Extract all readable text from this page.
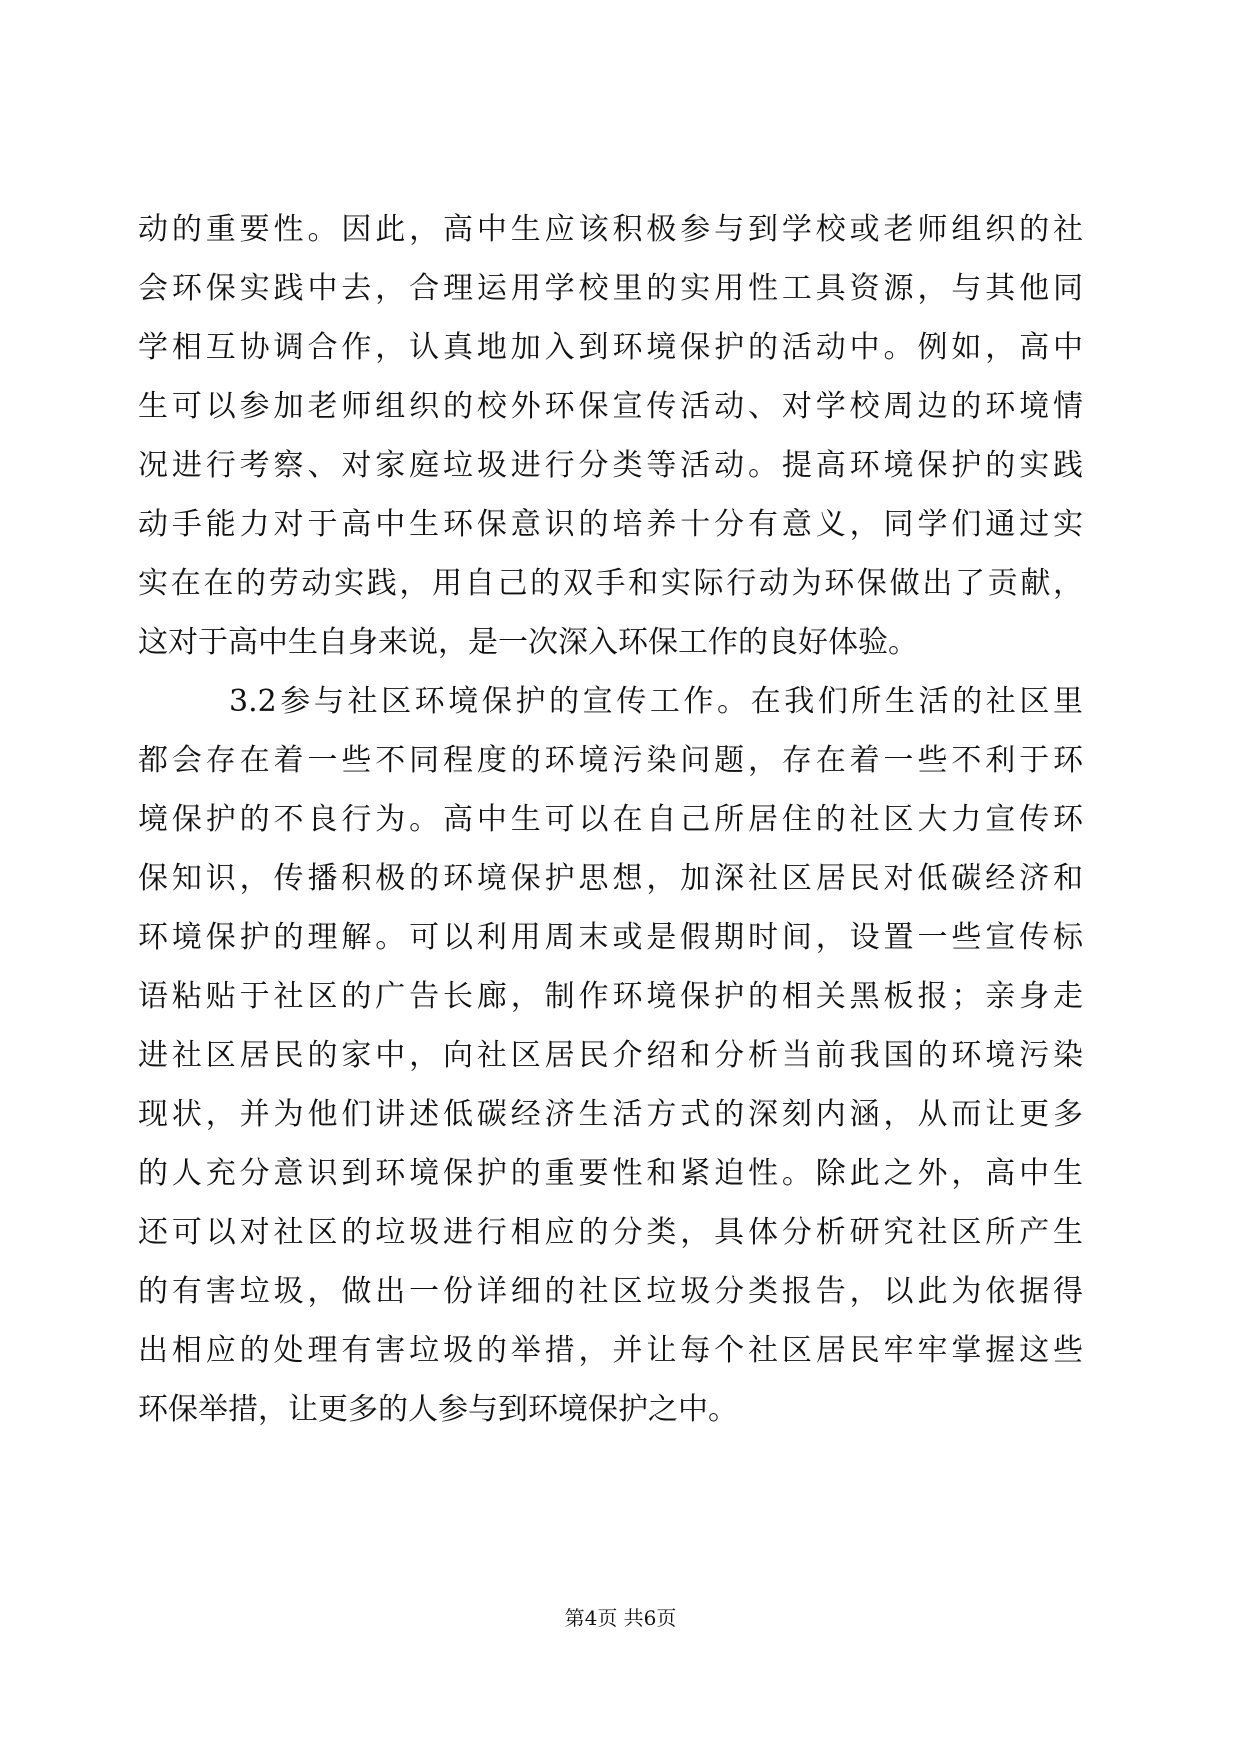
动的重要性。因此，高中生应该积极参与到学校或老师组织的社
会环保实践中去，合理运用学校里的实用性工具资源，与其他同
学相互协调合作，认真地加入到环境保护的活动中。例如，高中
生可以参加老师组织的校外环保宣传活动、对学校周边的环境情
况进行考察、对家庭垃圾进行分类等活动。提高环境保护的实践
动手能力对于高中生环保意识的培养十分有意义，同学们通过实
实在在的劳动实践，用自己的双手和实际行动为环保做出了贡献，
这对于高中生自身来说，是一次深入环保工作的良好体验。
3.2参与社区环境保护的宣传工作。在我们所生活的社区里
都会存在着一些不同程度的环境污染问题，存在着一些不利于环
境保护的不良行为。高中生可以在自己所居住的社区大力宣传环
保知识，传播积极的环境保护思想，加深社区居民对低碳经济和
环境保护的理解。可以利用周末或是假期时间，设置一些宣传标
语粘贴于社区的广告长廊，制作环境保护的相关黑板报；亲身走
进社区居民的家中，向社区居民介绍和分析当前我国的环境污染
现状，并为他们讲述低碳经济生活方式的深刻内涵，从而让更多
的人充分意识到环境保护的重要性和紧迫性。除此之外，高中生
还可以对社区的垃圾进行相应的分类，具体分析研究社区所产生
的有害垃圾，做出一份详细的社区垃圾分类报告，以此为依据得
出相应的处理有害垃圾的举措，并让每个社区居民牢牢掌握这些
环保举措，让更多的人参与到环境保护之中。
第4页 共6页
